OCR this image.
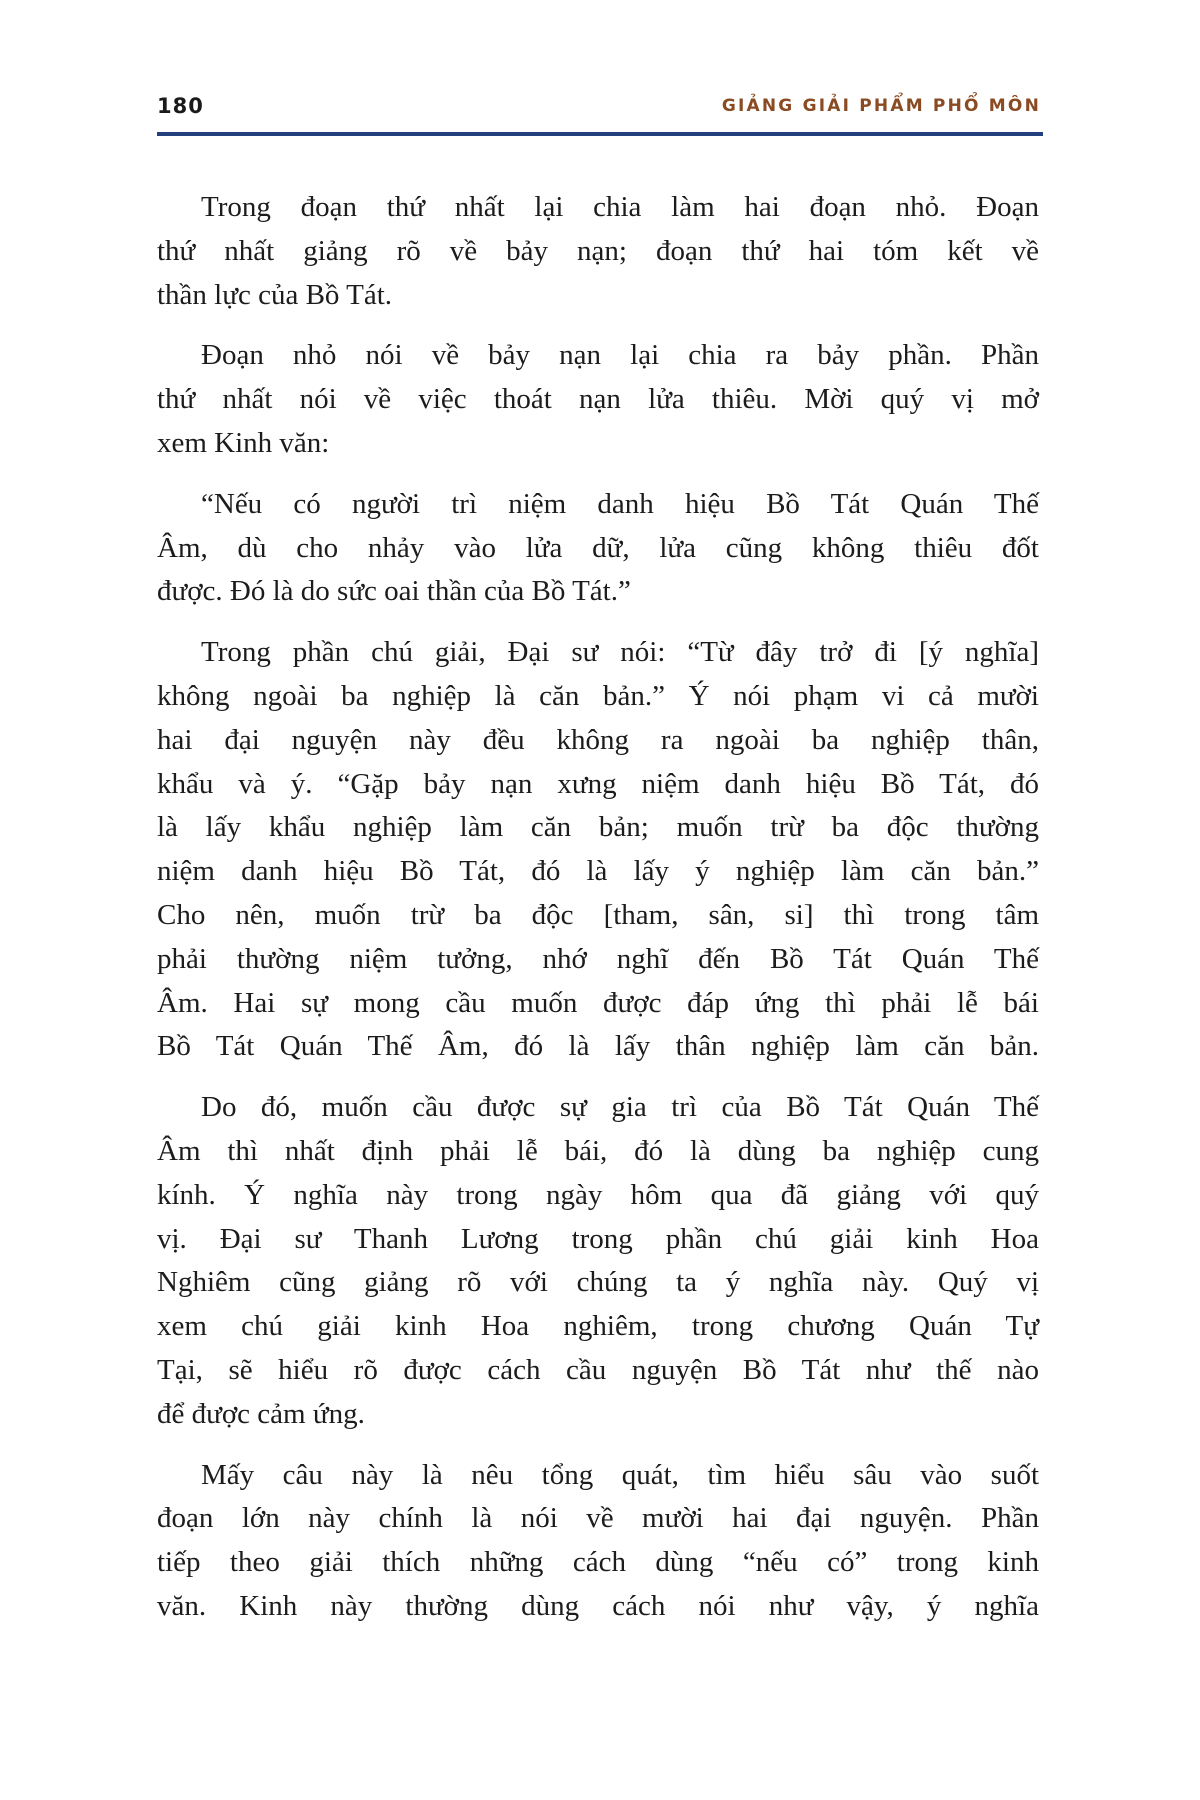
180	GIẢNG GIẢI PHẨM PHỔ MÔN
Trong đoạn thứ nhất lại chia làm hai đoạn nhỏ. Đoạn
thứ nhất giảng rõ về bảy nạn; đoạn thứ hai tóm kết về
thần lực của Bồ Tát.
Đoạn nhỏ nói về bảy nạn lại chia ra bảy phần. Phần
thứ nhất nói về việc thoát nạn lửa thiêu. Mời quý vị mở
xem Kinh văn:
“Nếu có người trì niệm danh hiệu Bồ Tát Quán Thế
Âm, dù cho nhảy vào lửa dữ, lửa cũng không thiêu đốt
được. Đó là do sức oai thần của Bồ Tát.”
Trong phần chú giải, Đại sư nói: “Từ đây trở đi [ý nghĩa]
không ngoài ba nghiệp là căn bản.” Ý nói phạm vi cả mười
hai đại nguyện này đều không ra ngoài ba nghiệp thân,
khẩu và ý. “Gặp bảy nạn xưng niệm danh hiệu Bồ Tát, đó
là lấy khẩu nghiệp làm căn bản; muốn trừ ba độc thường
niệm danh hiệu Bồ Tát, đó là lấy ý nghiệp làm căn bản.”
Cho nên, muốn trừ ba độc [tham, sân, si] thì trong tâm
phải thường niệm tưởng, nhớ nghĩ đến Bồ Tát Quán Thế
Âm. Hai sự mong cầu muốn được đáp ứng thì phải lễ bái
Bồ Tát Quán Thế Âm, đó là lấy thân nghiệp làm căn bản.
Do đó, muốn cầu được sự gia trì của Bồ Tát Quán Thế
Âm thì nhất định phải lễ bái, đó là dùng ba nghiệp cung
kính. Ý nghĩa này trong ngày hôm qua đã giảng với quý
vị. Đại sư Thanh Lương trong phần chú giải kinh Hoa
Nghiêm cũng giảng rõ với chúng ta ý nghĩa này. Quý vị
xem chú giải kinh Hoa nghiêm, trong chương Quán Tự
Tại, sẽ hiểu rõ được cách cầu nguyện Bồ Tát như thế nào
để được cảm ứng.
Mấy câu này là nêu tổng quát, tìm hiểu sâu vào suốt
đoạn lớn này chính là nói về mười hai đại nguyện. Phần
tiếp theo giải thích những cách dùng “nếu có” trong kinh
văn. Kinh này thường dùng cách nói như vậy, ý nghĩa
